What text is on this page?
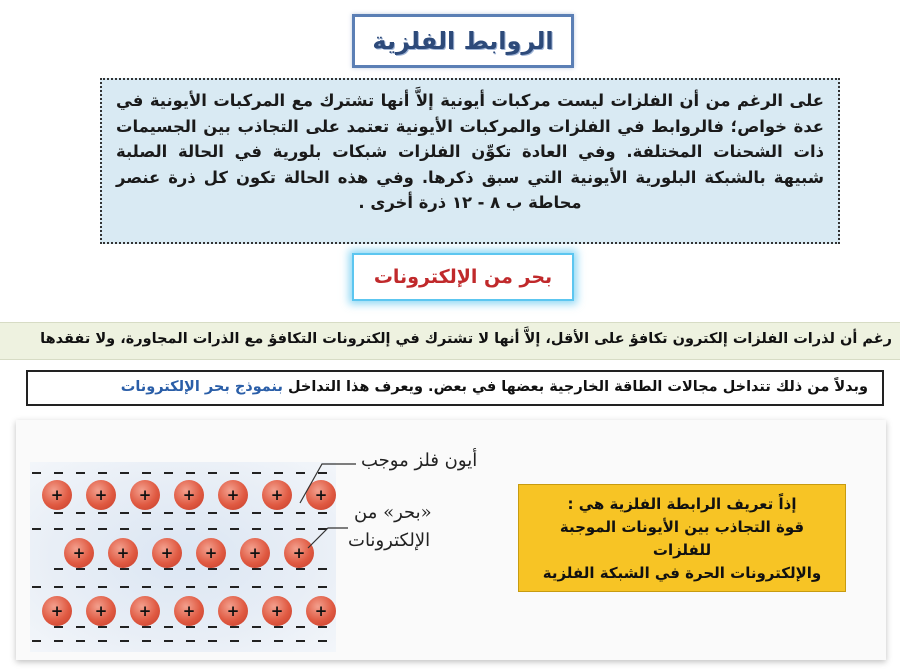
الروابط الفلزية

على الرغم من أن الفلزات ليست مركبات أيونية إلاَّ أنها تشترك مع المركبات الأيونية في عدة خواص؛ فالروابط في الفلزات والمركبات الأيونية تعتمد على التجاذب بين الجسيمات ذات الشحنات المختلفة. وفي العادة تكوِّن الفلزات شبكات بلورية في الحالة الصلبة شبيهة بالشبكة البلورية الأيونية التي سبق ذكرها. وفي هذه الحالة تكون كل ذرة عنصر محاطة ب ٨ - ١٢ ذرة أخرى .

بحر من الإلكترونات
رغم أن لذرات الفلزات إلكترون تكافؤ على الأقل، إلاَّ أنها لا تشترك في إلكترونات التكافؤ مع الذرات المجاورة، ولا تفقدها
وبدلاً من ذلك تتداخل مجالات الطاقة الخارجية بعضها في بعض. ويعرف هذا التداخل بنموذج بحر الإلكترونات
+	+	+	+	+	+	+
+	+	+	+	+	+
+	+	+	+	+	+	+
أيون فلز موجب
«بحر» من
الإلكترونات
إذاً تعريف الرابطة الفلزية هي :
قوة التجاذب بين الأيونات الموجبة للفلزات
والإلكترونات الحرة في الشبكة الفلزية
